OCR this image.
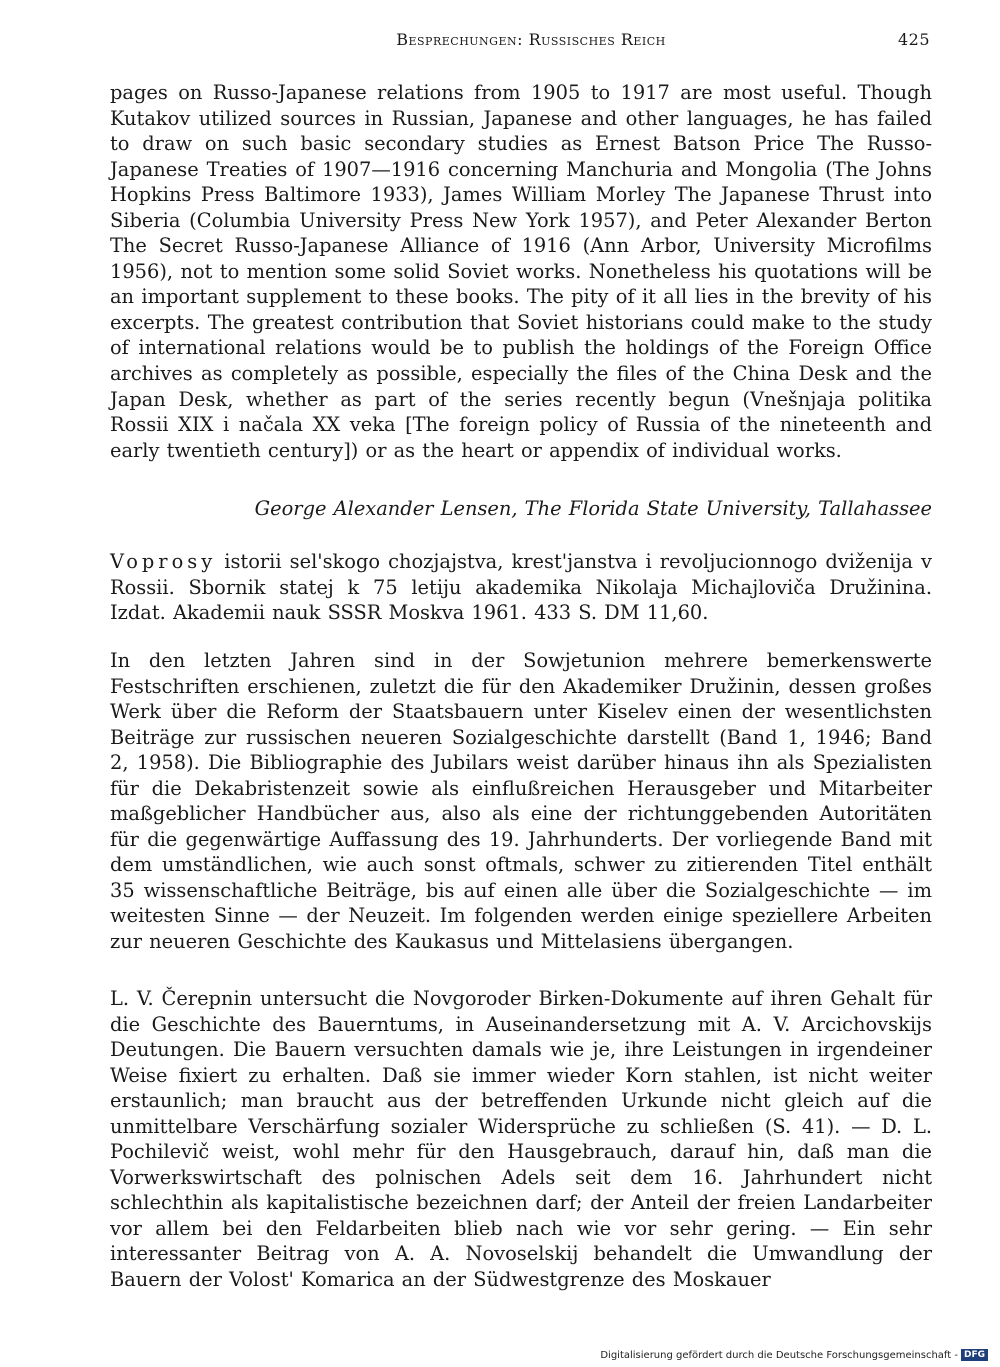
Besprechungen: Russisches Reich	425

pages on Russo-Japanese relations from 1905 to 1917 are most useful. Though Kutakov utilized sources in Russian, Japanese and other languages, he has failed to draw on such basic secondary studies as Ernest Batson Price The Russo-Japanese Treaties of 1907—1916 concerning Manchuria and Mongolia (The Johns Hopkins Press Baltimore 1933), James William Morley The Japanese Thrust into Siberia (Columbia University Press New York 1957), and Peter Alexander Berton The Secret Russo-Japanese Alliance of 1916 (Ann Arbor, University Microfilms 1956), not to mention some solid Soviet works. Nonetheless his quotations will be an important supplement to these books. The pity of it all lies in the brevity of his excerpts. The greatest contribution that Soviet historians could make to the study of international relations would be to publish the holdings of the Foreign Office archives as completely as possible, especially the files of the China Desk and the Japan Desk, whether as part of the series recently begun (Vnešnjaja politika Rossii XIX i načala XX veka [The foreign policy of Russia of the nineteenth and early twentieth century]) or as the heart or appendix of individual works.

George Alexander Lensen, The Florida State University, Tallahassee

Voprosy istorii sel'skogo chozjajstva, krest'janstva i revoljucionnogo dviženija v Rossii. Sbornik statej k 75 letiju akademika Nikolaja Michajloviča Družinina. Izdat. Akademii nauk SSSR Moskva 1961. 433 S. DM 11,60.

In den letzten Jahren sind in der Sowjetunion mehrere bemerkenswerte Festschriften erschienen, zuletzt die für den Akademiker Družinin, dessen großes Werk über die Reform der Staatsbauern unter Kiselev einen der wesentlichsten Beiträge zur russischen neueren Sozialgeschichte darstellt (Band 1, 1946; Band 2, 1958). Die Bibliographie des Jubilars weist darüber hinaus ihn als Spezialisten für die Dekabristenzeit sowie als einflußreichen Herausgeber und Mitarbeiter maßgeblicher Handbücher aus, also als eine der richtunggebenden Autoritäten für die gegenwärtige Auffassung des 19. Jahrhunderts. Der vorliegende Band mit dem umständlichen, wie auch sonst oftmals, schwer zu zitierenden Titel enthält 35 wissenschaftliche Beiträge, bis auf einen alle über die Sozialgeschichte — im weitesten Sinne — der Neuzeit. Im folgenden werden einige speziellere Arbeiten zur neueren Geschichte des Kaukasus und Mittelasiens übergangen.

L. V. Čerepnin untersucht die Novgoroder Birken-Dokumente auf ihren Gehalt für die Geschichte des Bauerntums, in Auseinandersetzung mit A. V. Arcichovskijs Deutungen. Die Bauern versuchten damals wie je, ihre Leistungen in irgendeiner Weise fixiert zu erhalten. Daß sie immer wieder Korn stahlen, ist nicht weiter erstaunlich; man braucht aus der betreffenden Urkunde nicht gleich auf die unmittelbare Verschärfung sozialer Widersprüche zu schließen (S. 41). — D. L. Pochilevič weist, wohl mehr für den Hausgebrauch, darauf hin, daß man die Vorwerkswirtschaft des polnischen Adels seit dem 16. Jahrhundert nicht schlechthin als kapitalistische bezeichnen darf; der Anteil der freien Landarbeiter vor allem bei den Feldarbeiten blieb nach wie vor sehr gering. — Ein sehr interessanter Beitrag von A. A. Novoselskij behandelt die Umwandlung der Bauern der Volost' Komarica an der Südwestgrenze des Moskauer

Digitalisierung gefördert durch die Deutsche Forschungsgemeinschaft - DFG
